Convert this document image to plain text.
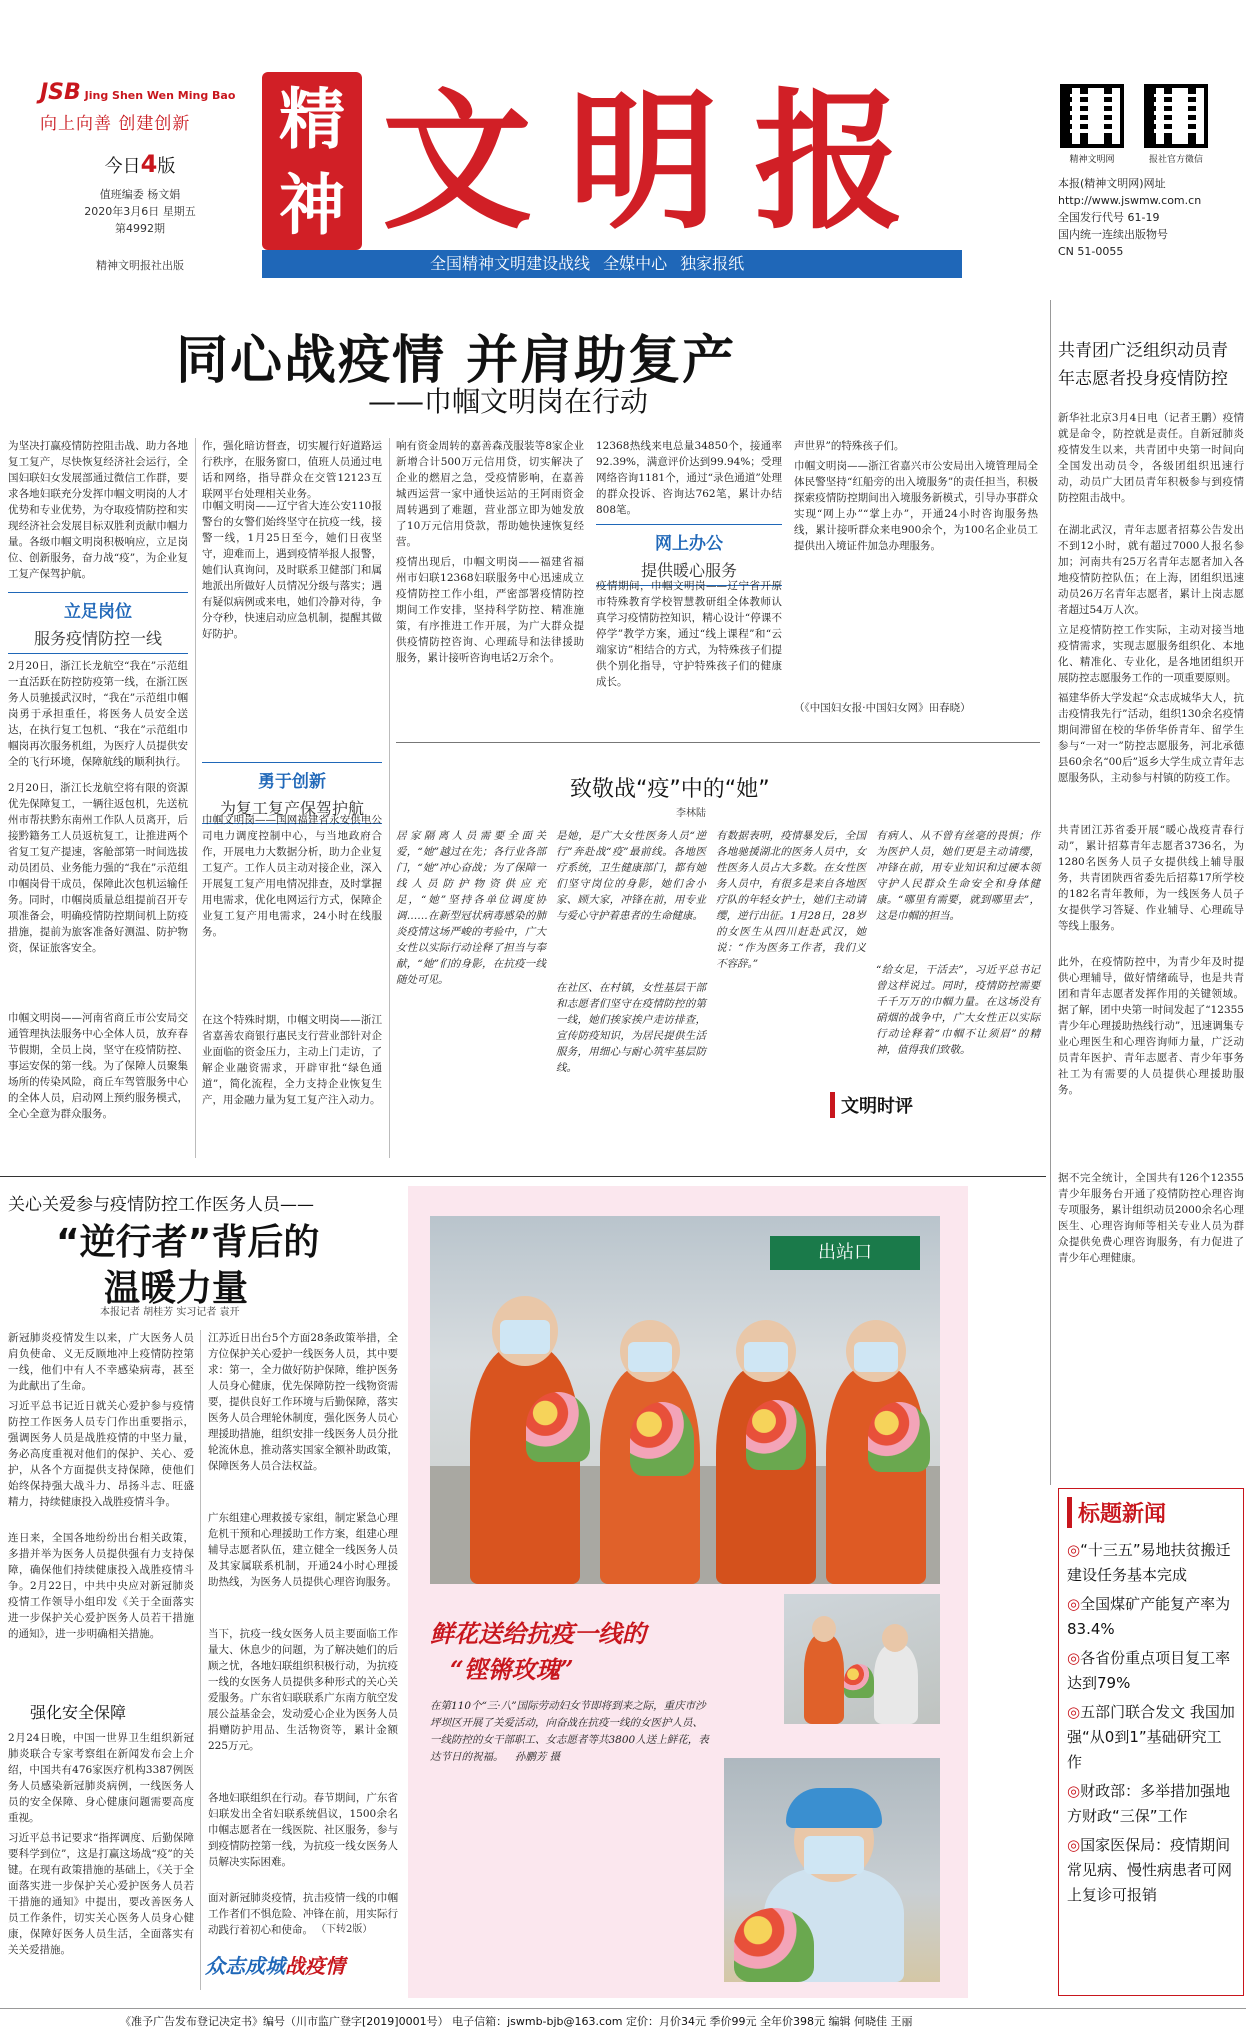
JSB Jing Shen Wen Ming Bao
向上向善 创建创新
今日4版
值班编委 杨文娟
2020年3月6日 星期五
第4992期
精神文明报社出版
精神 文明报
全国精神文明建设战线 全媒中心 独家报纸
精神文明网	报社官方微信
本报(精神文明网)网址
http://www.jswmw.com.cn
全国发行代号 61-19
国内统一连续出版物号
CN 51-0055
同心战疫情 并肩助复产
——巾帼文明岗在行动
为坚决打赢疫情防控阻击战、助力各地复工复产，尽快恢复经济社会运行，全国妇联妇女发展部通过微信工作群，要求各地妇联充分发挥巾帼文明岗的人才优势和专业优势，为夺取疫情防控和实现经济社会发展目标双胜利贡献巾帼力量。各级巾帼文明岗积极响应，立足岗位、创新服务，奋力战“疫”，为企业复工复产保驾护航。
立足岗位
服务疫情防控一线
2月20日，浙江长龙航空“我在”示范组一直活跃在防控防疫第一线，在浙江医务人员驰援武汉时，“我在”示范组巾帼岗勇于承担重任，将医务人员安全送达，在执行复工包机、“我在”示范组巾帼岗再次服务机组，为医疗人员提供安全的飞行环境，保障航线的顺利执行。
2月20日，浙江长龙航空将有限的资源优先保障复工，一辆往返包机，先送杭州市帮扶黔东南州工作队人员离开，后接黔籍务工人员返杭复工，让推进两个省复工复产提速，客舱部第一时间选拔动员团员、业务能力强的“我在”示范组巾帼岗骨干成员，保障此次包机运输任务。同时，巾帼岗质量总组提前召开专项准备会，明确疫情防控期间机上防疫措施，提前为旅客准备好测温、防护物资，保证旅客安全。
巾帼文明岗——河南省商丘市公安局交通管理执法服务中心全体人员，放弃春节假期，全员上岗，坚守在疫情防控、事运安保的第一线。为了保障人员聚集场所的传染风险，商丘车驾管服务中心的全体人员，启动网上预约服务模式，全心全意为群众服务。
作，强化暗访督查，切实履行好道路运行秩序，在服务窗口，值班人员通过电话和网络，指导群众在交管12123互联网平台处理相关业务。
巾帼文明岗——辽宁省大连公安110报警台的女警们始终坚守在抗疫一线，接警一线，1月25日至今，她们日夜坚守，迎难而上，遇到疫情举报人报警，她们认真询问，及时联系卫健部门和属地派出所做好人员情况分级与落实；遇有疑似病例或来电，她们冷静对待，争分夺秒，快速启动应急机制，提醒其做好防护。
勇于创新
为复工复产保驾护航
巾帼文明岗——国网福建省永安供电公司电力调度控制中心，与当地政府合作，开展电力大数据分析，助力企业复工复产。工作人员主动对接企业，深入开展复工复产用电情况排查，及时掌握用电需求，优化电网运行方式，保障企业复工复产用电需求，24小时在线服务。
在这个特殊时期，巾帼文明岗——浙江省嘉善农商银行惠民支行营业部针对企业面临的资金压力，主动上门走访，了解企业融资需求，开辟审批“绿色通道”，简化流程，全力支持企业恢复生产，用金融力量为复工复产注入动力。
响有资金周转的嘉善森茂服装等8家企业新增合计500万元信用贷，切实解决了企业的燃眉之急，受疫情影响，在嘉善城西运营一家中通快运站的王阿雨资金周转遇到了难题，营业部立即为她发放了10万元信用贷款，帮助她快速恢复经营。
疫情出现后，巾帼文明岗——福建省福州市妇联12368妇联服务中心迅速成立疫情防控工作小组，严密部署疫情防控期间工作安排，坚持科学防控、精准施策，有序推进工作开展，为广大群众提供疫情防控咨询、心理疏导和法律援助服务，累计接听咨询电话2万余个。
12368热线来电总量34850个，接通率92.39%，满意评价达到99.94%；受理网络咨询1181个，通过“录色通道”处理的群众投诉、咨询达762笔，累计办结808笔。
网上办公
提供暖心服务
疫情期间，巾帼文明岗——辽宁省开原市特殊教育学校智慧教研组全体教师认真学习疫情防控知识，精心设计“停课不停学”教学方案，通过“线上课程”和“云端家访”相结合的方式，为特殊孩子们提供个别化指导，守护特殊孩子们的健康成长。
声世界”的特殊孩子们。
巾帼文明岗——浙江省嘉兴市公安局出入境管理局全体民警坚持“红船旁的出入境服务”的责任担当，积极探索疫情防控期间出入境服务新模式，引导办事群众实现“网上办”“掌上办”，开通24小时咨询服务热线，累计接听群众来电900余个，为100名企业员工提供出入境证件加急办理服务。
（《中国妇女报·中国妇女网》田春晓）
致敬战“疫”中的“她”
李林陆
居家隔离人员需要全面关爱，“她”越过在先；各行业各部门，“她”冲心奋战；为了保障一线人员防护物资供应充足，“她”坚持各单位调度协调……在新型冠状病毒感染的肺炎疫情这场严峻的考验中，广大女性以实际行动诠释了担当与奉献，“她”们的身影，在抗疫一线随处可见。
是她，是广大女性医务人员“逆行”奔赴战“疫”最前线。各地医疗系统，卫生健康部门，都有她们坚守岗位的身影，她们舍小家、顾大家，冲锋在前，用专业与爱心守护着患者的生命健康。
在社区、在村镇，女性基层干部和志愿者们坚守在疫情防控的第一线，她们挨家挨户走访排查，宣传防疫知识，为居民提供生活服务，用细心与耐心筑牢基层防线。
有数据表明，疫情暴发后，全国各地驰援湖北的医务人员中，女性医务人员占大多数。在女性医务人员中，有很多是来自各地医疗队的年轻女护士，她们主动请缨，逆行出征。1月28日，28岁的女医生从四川赶赴武汉，她说：“作为医务工作者，我们义不容辞。”
有病人、从不曾有丝毫的畏惧；作为医护人员，她们更是主动请缨，冲锋在前，用专业知识和过硬本领守护人民群众生命安全和身体健康。“哪里有需要，就到哪里去”，这是巾帼的担当。
“给女足，干活去”，习近平总书记曾这样说过。同时，疫情防控需要千千万万的巾帼力量。在这场没有硝烟的战争中，广大女性正以实际行动诠释着“巾帼不让须眉”的精神，值得我们致敬。
文明时评
共青团广泛组织动员青年志愿者投身疫情防控
新华社北京3月4日电（记者王鹏）疫情就是命令，防控就是责任。自新冠肺炎疫情发生以来，共青团中央第一时间向全国发出动员令，各级团组织迅速行动，动员广大团员青年积极参与到疫情防控阻击战中。
在湖北武汉，青年志愿者招募公告发出不到12小时，就有超过7000人报名参加；河南共有25万名青年志愿者加入各地疫情防控队伍；在上海，团组织迅速动员26万名青年志愿者，累计上岗志愿者超过54万人次。
立足疫情防控工作实际，主动对接当地疫情需求，实现志愿服务组织化、本地化、精准化、专业化，是各地团组织开展防控志愿服务工作的一项重要原则。
福建华侨大学发起“众志成城华大人，抗击疫情我先行”活动，组织130余名疫情期间滞留在校的华侨华侨青年、留学生参与“一对一”防控志愿服务，河北承德县60余名“00后”返乡大学生成立青年志愿服务队，主动参与村镇的防疫工作。
共青团江苏省委开展“暖心战疫青春行动”，累计招募青年志愿者3736名，为1280名医务人员子女提供线上辅导服务，共青团陕西省委先后招募17所学校的182名青年教师，为一线医务人员子女提供学习答疑、作业辅导、心理疏导等线上服务。
此外，在疫情防控中，为青少年及时提供心理辅导，做好情绪疏导，也是共青团和青年志愿者发挥作用的关键领域。据了解，团中央第一时间发起了“12355青少年心理援助热线行动”，迅速调集专业心理医生和心理咨询师力量，广泛动员青年医护、青年志愿者、青少年事务社工为有需要的人员提供心理援助服务。
据不完全统计，全国共有126个12355青少年服务台开通了疫情防控心理咨询专项服务，累计组织动员2000余名心理医生、心理咨询师等相关专业人员为群众提供免费心理咨询服务，有力促进了青少年心理健康。
关心关爱参与疫情防控工作医务人员——
“逆行者”背后的
温暖力量
本报记者 胡桂芳 实习记者 袁开
新冠肺炎疫情发生以来，广大医务人员肩负使命、义无反顾地冲上疫情防控第一线，他们中有人不幸感染病毒，甚至为此献出了生命。
习近平总书记近日就关心爱护参与疫情防控工作医务人员专门作出重要指示，强调医务人员是战胜疫情的中坚力量，务必高度重视对他们的保护、关心、爱护，从各个方面提供支持保障，使他们始终保持强大战斗力、昂扬斗志、旺盛精力，持续健康投入战胜疫情斗争。
连日来，全国各地纷纷出台相关政策，多措并举为医务人员提供强有力支持保障，确保他们持续健康投入战胜疫情斗争。2月22日，中共中央应对新冠肺炎疫情工作领导小组印发《关于全面落实进一步保护关心爱护医务人员若干措施的通知》，进一步明确相关措施。
强化安全保障
2月24日晚，中国一世界卫生组织新冠肺炎联合专家考察组在新闻发布会上介绍，中国共有476家医疗机构3387例医务人员感染新冠肺炎病例，一线医务人员的安全保障、身心健康问题需要高度重视。
习近平总书记要求“指挥调度、后勤保障要科学到位”，这是打赢这场战“疫”的关键。在现有政策措施的基础上，《关于全面落实进一步保护关心爱护医务人员若干措施的通知》中提出，要改善医务人员工作条件，切实关心医务人员身心健康，保障好医务人员生活，全面落实有关关爱措施。
江苏近日出台5个方面28条政策举措，全方位保护关心爱护一线医务人员，其中要求：第一，全力做好防护保障，维护医务人员身心健康，优先保障防控一线物资需要，提供良好工作环境与后勤保障，落实医务人员合理轮休制度，强化医务人员心理援助措施，组织安排一线医务人员分批轮流休息，推动落实国家全额补助政策，保障医务人员合法权益。
广东组建心理救援专家组，制定紧急心理危机干预和心理援助工作方案，组建心理辅导志愿者队伍，建立健全一线医务人员及其家属联系机制，开通24小时心理援助热线，为医务人员提供心理咨询服务。
当下，抗疫一线女医务人员主要面临工作量大、休息少的问题，为了解决她们的后顾之忧，各地妇联组织积极行动，为抗疫一线的女医务人员提供多种形式的关心关爱服务。广东省妇联联系广东南方航空发展公益基金会，发动爱心企业为医务人员捐赠防护用品、生活物资等，累计金额225万元。
各地妇联组织在行动。春节期间，广东省妇联发出全省妇联系统倡议，1500余名巾帼志愿者在一线医院、社区服务，参与到疫情防控第一线，为抗疫一线女医务人员解决实际困难。
面对新冠肺炎疫情，抗击疫情一线的巾帼工作者们不惧危险、冲锋在前，用实际行动践行着初心和使命。 （下转2版）
众志成城战疫情
出站口
鲜花送给抗疫一线的
“铿锵玫瑰”
在第110个“三·八”国际劳动妇女节即将到来之际，重庆市沙坪坝区开展了关爱活动，向奋战在抗疫一线的女医护人员、一线防控的女干部职工、女志愿者等共3800人送上鲜花，表达节日的祝福。 孙鹏芳 摄
标题新闻
◎“十三五”易地扶贫搬迁建设任务基本完成
◎全国煤矿产能复产率为83.4%
◎各省份重点项目复工率达到79%
◎五部门联合发文 我国加强“从0到1”基础研究工作
◎财政部：多举措加强地方财政“三保”工作
◎国家医保局：疫情期间常见病、慢性病患者可网上复诊可报销
《准予广告发布登记决定书》编号（川市监广登字[2019]0001号） 电子信箱：jswmb-bjb@163.com 定价：月价34元 季价99元 全年价398元 编辑 何晓佳 王丽
